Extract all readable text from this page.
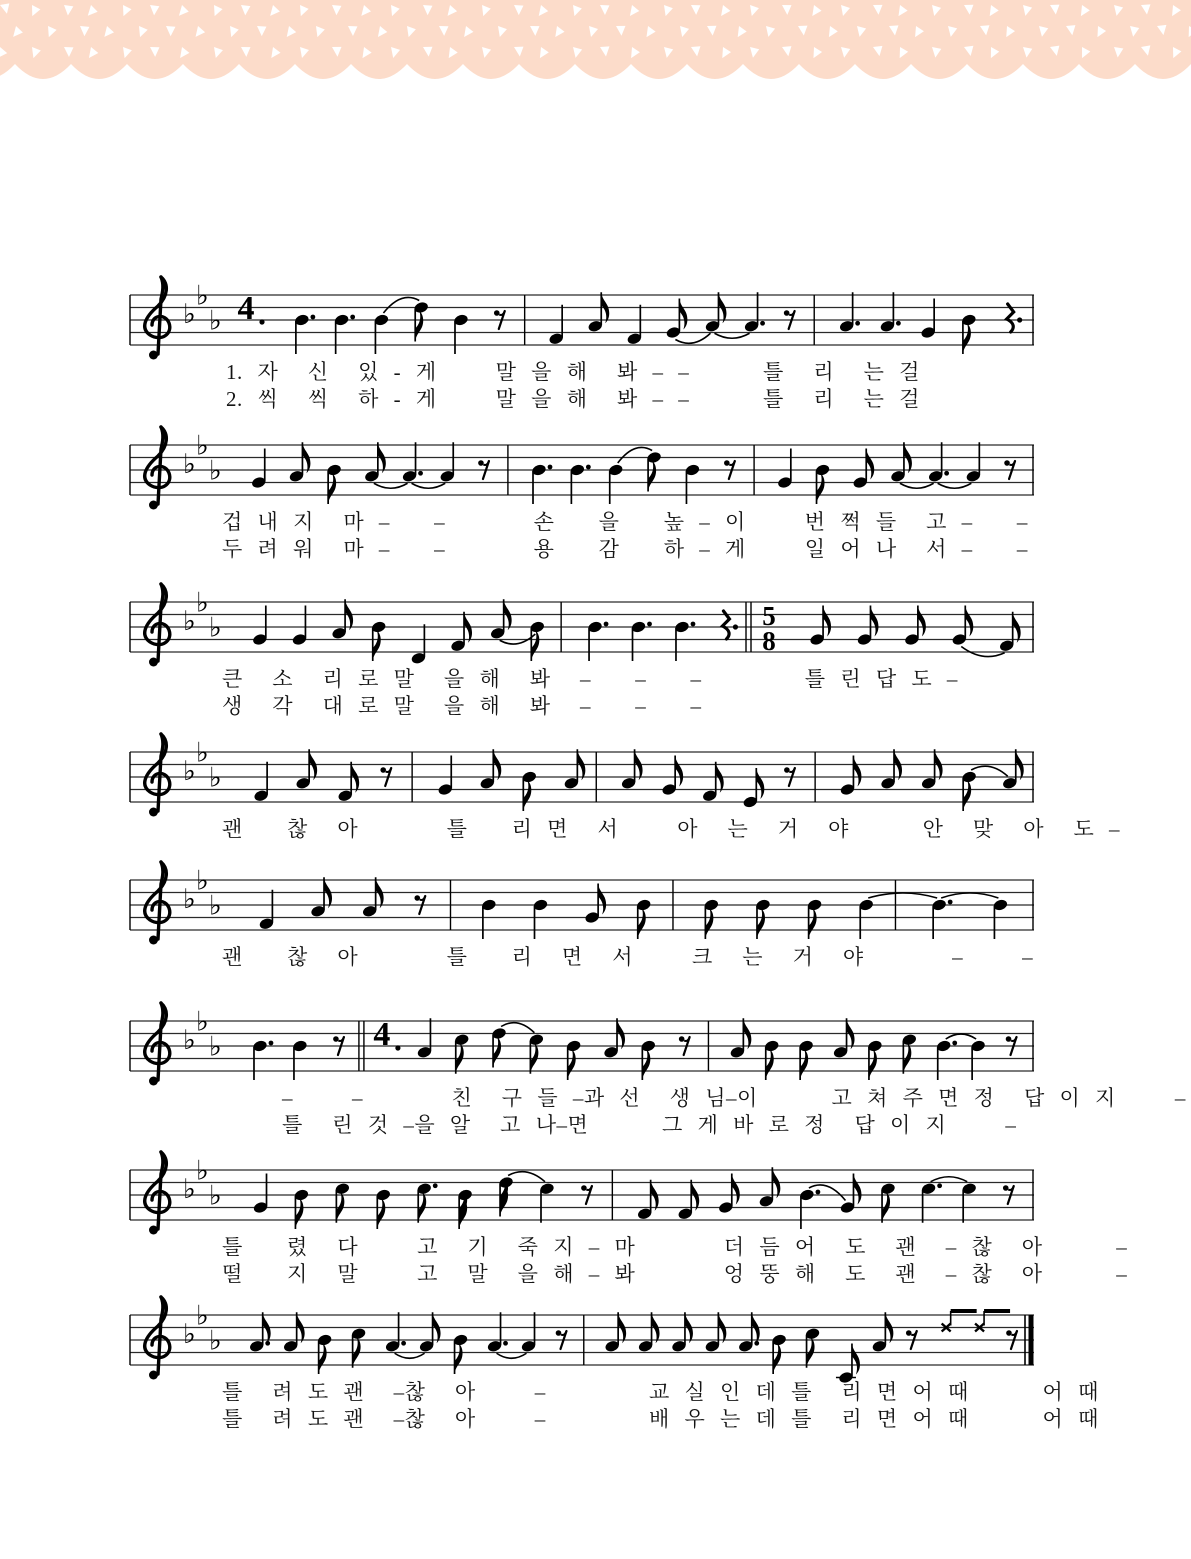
♭
♭
♭ 4
♭
♭
♭
♭
♭
♭	5
8
♭
♭
♭
♭
♭
♭
♭
♭
♭	4
♭
♭
♭
♭
♭
♭
1. 자  신  있 - 게    말 을 해  봐 – –     틀  리  는 걸
2. 씩  씩  하 - 게    말 을 해  봐 – –     틀  리  는 걸
겁 내 지  마 –   –      손   을   높 – 이    번 쩍 들  고 –   –
두 려 워  마 –   –      용   감   하 – 게    일 어 나  서 –   –
큰  소  리 로 말  을 해  봐  –   –   –       틀 린 답 도 –
생  각  대 로 말  을 해  봐  –   –   –
괜   찮  아      틀   리 면  서    아  는  거  야     안  맞  아  도 –
괜   찮  아      틀   리  면  서    크  는  거  야      –    –
–    –      친  구 들 –과 선  생 님–이     고 쳐 주 면 정  답 이 지    –
틀  린 것 –을 알  고 나–면     그 게 바 로 정  답 이 지    –
틀   렸  다    고  기  죽 지 – 마      더 듬 어  도  괜  – 찮  아     –
떨   지  말    고  말  을 해 – 봐      엉 뚱 해  도  괜  – 찮  아     –
틀  려 도 괜  –찮  아    –       교 실 인 데 틀  리 면 어 때     어 때
틀  려 도 괜  –찮  아    –       배 우 는 데 틀  리 면 어 때     어 때
